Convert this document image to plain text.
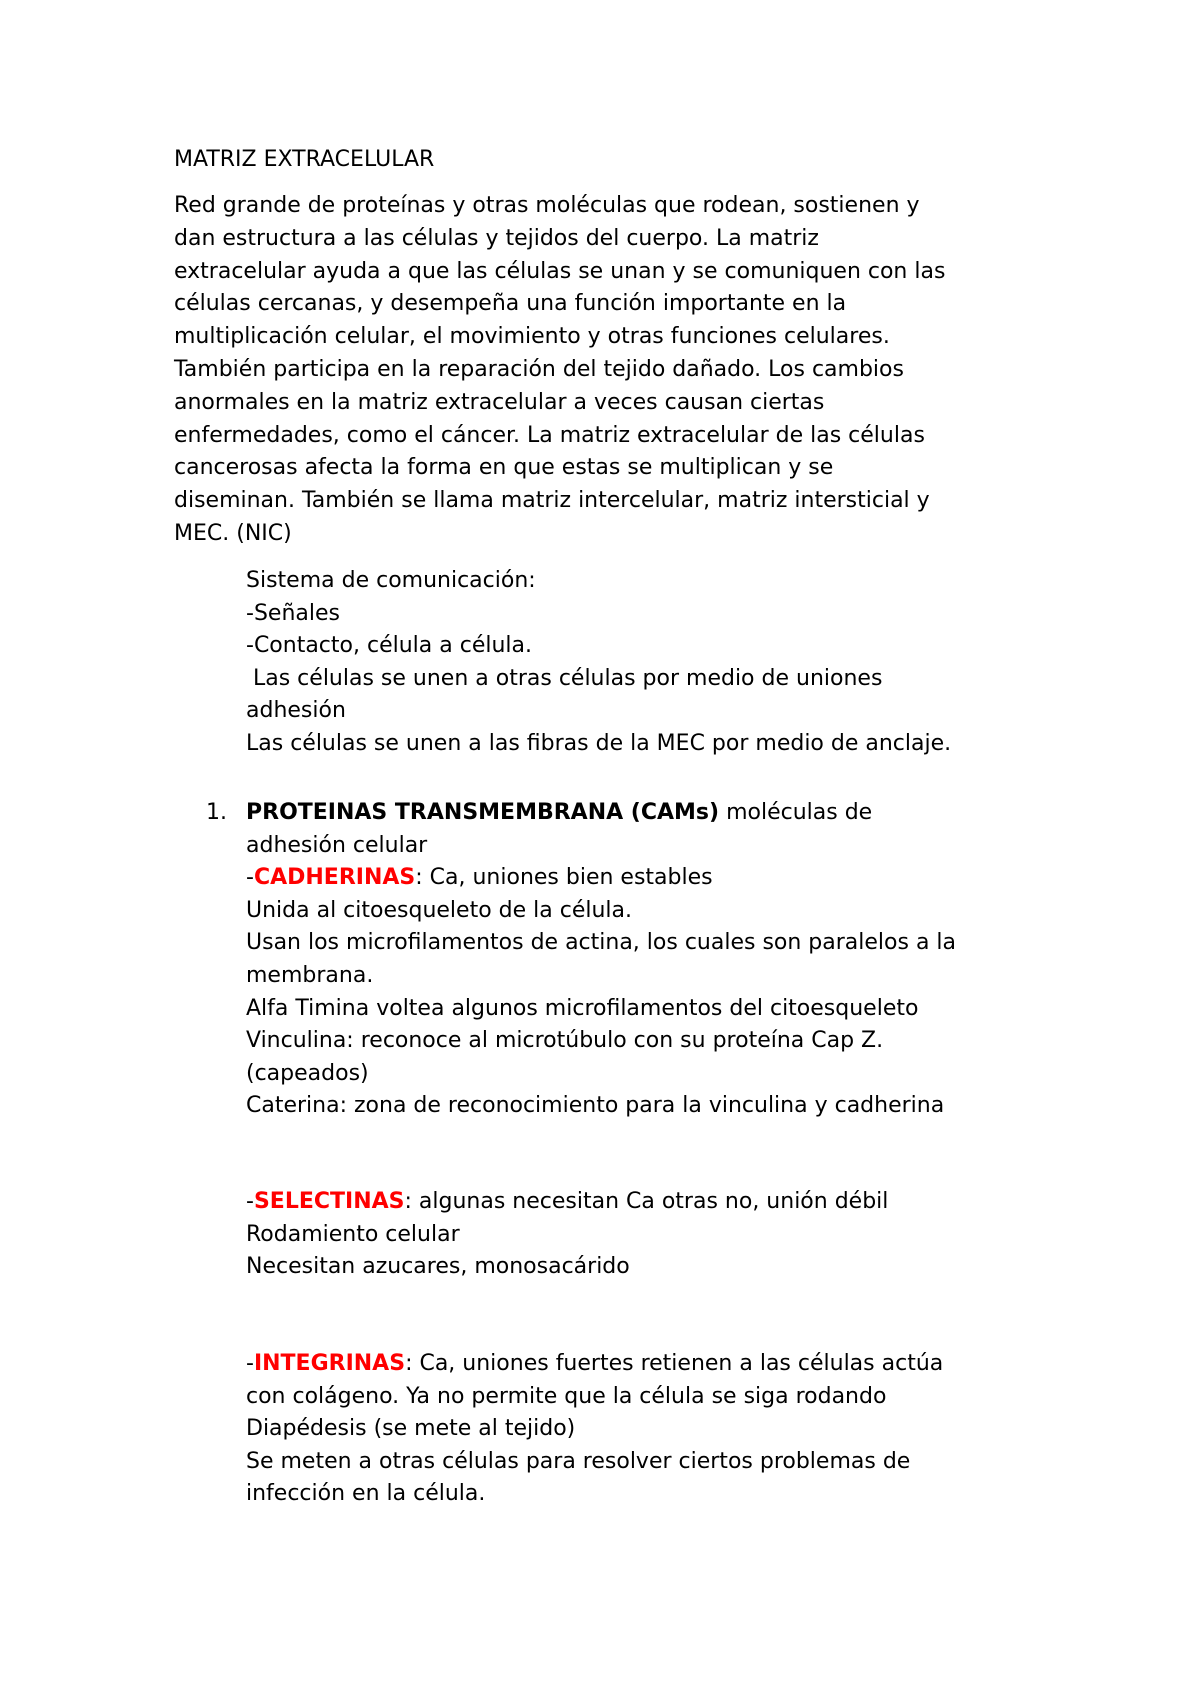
MATRIZ EXTRACELULAR
Red grande de proteínas y otras moléculas que rodean, sostienen y
dan estructura a las células y tejidos del cuerpo. La matriz
extracelular ayuda a que las células se unan y se comuniquen con las
células cercanas, y desempeña una función importante en la
multiplicación celular, el movimiento y otras funciones celulares.
También participa en la reparación del tejido dañado. Los cambios
anormales en la matriz extracelular a veces causan ciertas
enfermedades, como el cáncer. La matriz extracelular de las células
cancerosas afecta la forma en que estas se multiplican y se
diseminan. También se llama matriz intercelular, matriz intersticial y
MEC. (NIC)
Sistema de comunicación:
-Señales
-Contacto, célula a célula.
Las células se unen a otras células por medio de uniones
adhesión
Las células se unen a las fibras de la MEC por medio de anclaje.
1. PROTEINAS TRANSMEMBRANA (CAMs) moléculas de
adhesión celular
-CADHERINAS: Ca, uniones bien estables
Unida al citoesqueleto de la célula.
Usan los microfilamentos de actina, los cuales son paralelos a la
membrana.
Alfa Timina voltea algunos microfilamentos del citoesqueleto
Vinculina: reconoce al microtúbulo con su proteína Cap Z.
(capeados)
Caterina: zona de reconocimiento para la vinculina y cadherina
-SELECTINAS: algunas necesitan Ca otras no, unión débil
Rodamiento celular
Necesitan azucares, monosacárido
-INTEGRINAS: Ca, uniones fuertes retienen a las células actúa
con colágeno. Ya no permite que la célula se siga rodando
Diapédesis (se mete al tejido)
Se meten a otras células para resolver ciertos problemas de
infección en la célula.
